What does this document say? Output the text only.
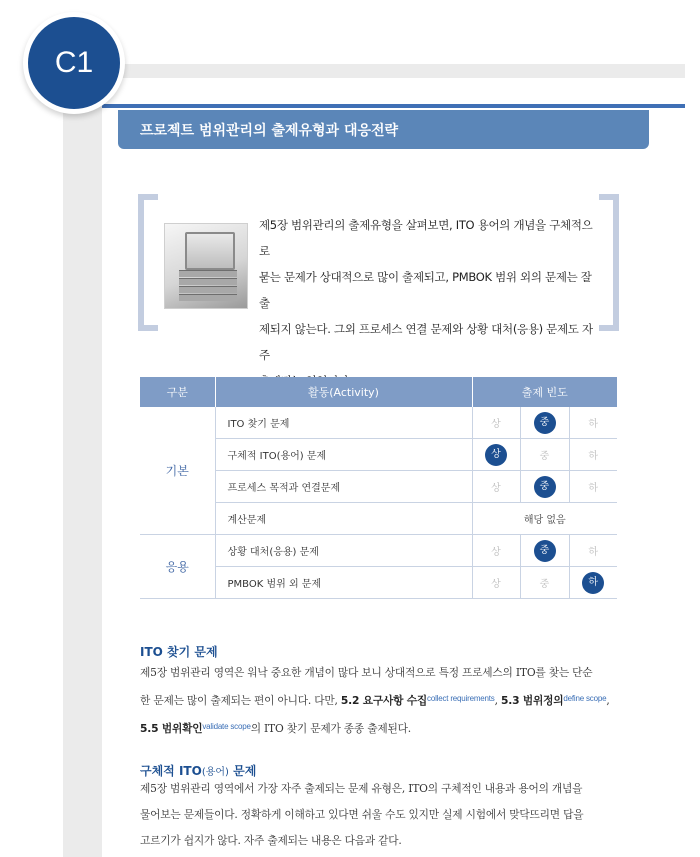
C1
프로젝트 범위관리의 출제유형과 대응전략
제5장 범위관리의 출제유형을 살펴보면, ITO 용어의 개념을 구체적으로
묻는 문제가 상대적으로 많이 출제되고, PMBOK 범위 외의 문제는 잘 출
제되지 않는다. 그외 프로세스 연결 문제와 상황 대처(응용) 문제도 자주
구분	활동(Activity)	출제 빈도		
기본	ITO 찾기 문제	상	중	하
	구체적 ITO(용어) 문제	상	중	하
	프로세스 목적과 연결문제	상	중	하
	계산문제	해당 없음		
응용	상황 대처(응용) 문제	상	중	하
	PMBOK 범위 외 문제	상	중	하
ITO 찾기 문제
제5장 범위관리 영역은 워낙 중요한 개념이 많다 보니 상대적으로 특정 프로세스의 ITO를 찾는 단순
한 문제는 많이 출제되는 편이 아니다. 다만, 5.2 요구사항 수집$^{collect requirements}$, 5.3 범위정의$^{define scope}$,
5.5 범위확인$^{validate scope}$의 ITO 찾기 문제가 종종 출제된다.
구체적 ITO(용어) 문제
제5장 범위관리 영역에서 가장 자주 출제되는 문제 유형은, ITO의 구체적인 내용과 용어의 개념을
물어보는 문제들이다. 정확하게 이해하고 있다면 쉬울 수도 있지만 실제 시험에서 맞닥뜨리면 답을
고르기가 쉽지가 않다. 자주 출제되는 내용은 다음과 같다.
